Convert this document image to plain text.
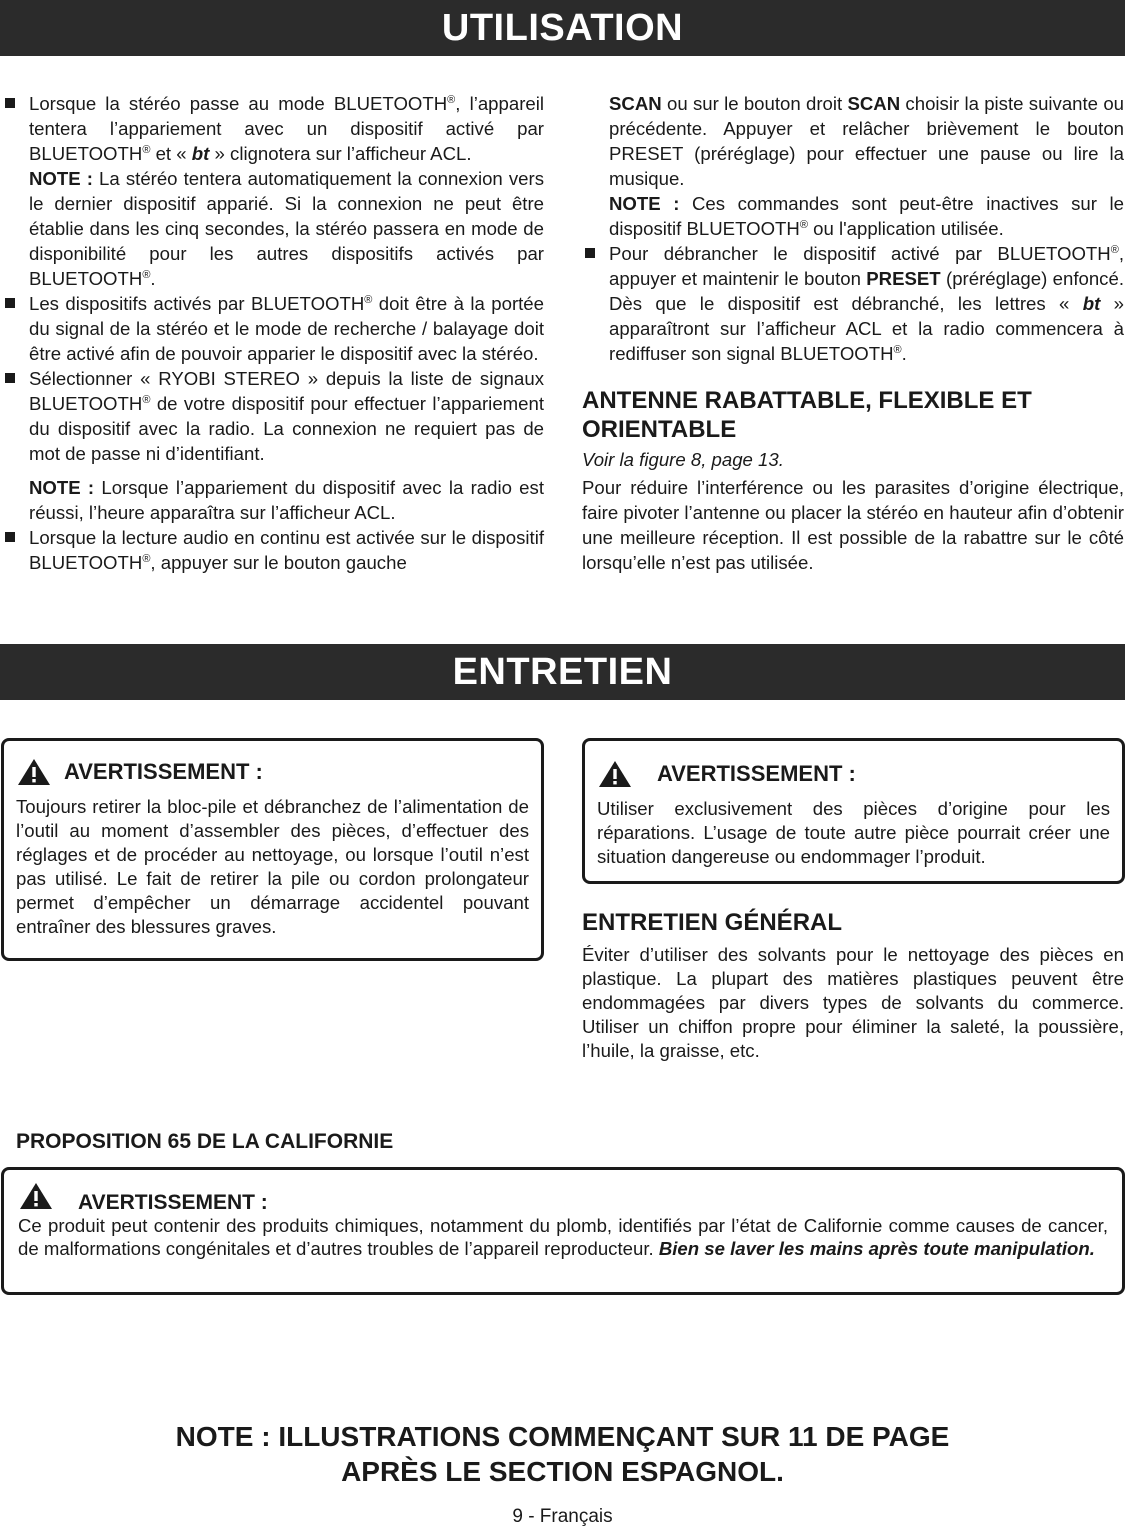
UTILISATION

Lorsque la stéréo passe au mode BLUETOOTH®, l’appareil tentera l’appariement avec un dispositif activé par BLUETOOTH® et « bt » clignotera sur l’afficheur ACL.

NOTE : La stéréo tentera automatiquement la connexion vers le dernier dispositif apparié. Si la connexion ne peut être établie dans les cinq secondes, la stéréo passera en mode de disponibilité pour les autres dispositifs activés par BLUETOOTH®.

Les dispositifs activés par BLUETOOTH® doit être à la portée du signal de la stéréo et le mode de recherche / balayage doit être activé afin de pouvoir apparier le dispositif avec la stéréo.

Sélectionner « RYOBI STEREO » depuis la liste de signaux BLUETOOTH® de votre dispositif pour effectuer l’appariement du dispositif avec la radio. La connexion ne requiert pas de mot de passe ni d’identifiant.

NOTE : Lorsque l’appariement du dispositif avec la radio est réussi, l’heure apparaîtra sur l’afficheur ACL.

Lorsque la lecture audio en continu est activée sur le dispositif BLUETOOTH®, appuyer sur le bouton gauche

SCAN ou sur le bouton droit SCAN choisir la piste suivante ou précédente. Appuyer et relâcher brièvement le bouton PRESET (préréglage) pour effectuer une pause ou lire la musique.

NOTE : Ces commandes sont peut-être inactives sur le dispositif BLUETOOTH® ou l'application utilisée.

Pour débrancher le dispositif activé par BLUETOOTH®, appuyer et maintenir le bouton PRESET (préréglage) enfoncé. Dès que le dispositif est débranché, les lettres « bt » apparaîtront sur l’afficheur ACL et la radio commencera à rediffuser son signal BLUETOOTH®.

ANTENNE RABATTABLE, FLEXIBLE ET
ORIENTABLE

Voir la figure 8, page 13.

Pour réduire l’interférence ou les parasites d’origine électrique, faire pivoter l’antenne ou placer la stéréo en hauteur afin d’obtenir une meilleure réception. Il est possible de la rabattre sur le côté lorsqu’elle n’est pas utilisée.

ENTRETIEN
AVERTISSEMENT :
Toujours retirer la bloc-pile et débranchez de l’alimentation de l’outil au moment d’assembler des pièces, d’effectuer des réglages et de procéder au nettoyage, ou lorsque l’outil n’est pas utilisé. Le fait de retirer la pile ou cordon prolongateur permet d’empêcher un démarrage accidentel pouvant entraîner des blessures graves.
AVERTISSEMENT :
Utiliser exclusivement des pièces d’origine pour les réparations. L’usage de toute autre pièce pourrait créer une situation dangereuse ou endommager l’produit.
ENTRETIEN GÉNÉRAL

Éviter d’utiliser des solvants pour le nettoyage des pièces en plastique. La plupart des matières plastiques peuvent être endommagées par divers types de solvants du commerce. Utiliser un chiffon propre pour éliminer la saleté, la poussière, l’huile, la graisse, etc.

PROPOSITION 65 DE LA CALIFORNIE
AVERTISSEMENT :
Ce produit peut contenir des produits chimiques, notamment du plomb, identifiés par l’état de Californie comme causes de cancer, de malformations congénitales et d’autres troubles de l’appareil reproducteur. Bien se laver les mains après toute manipulation.
NOTE : ILLUSTRATIONS COMMENÇANT SUR 11 DE PAGE
APRÈS LE SECTION ESPAGNOL.
9 - Français
